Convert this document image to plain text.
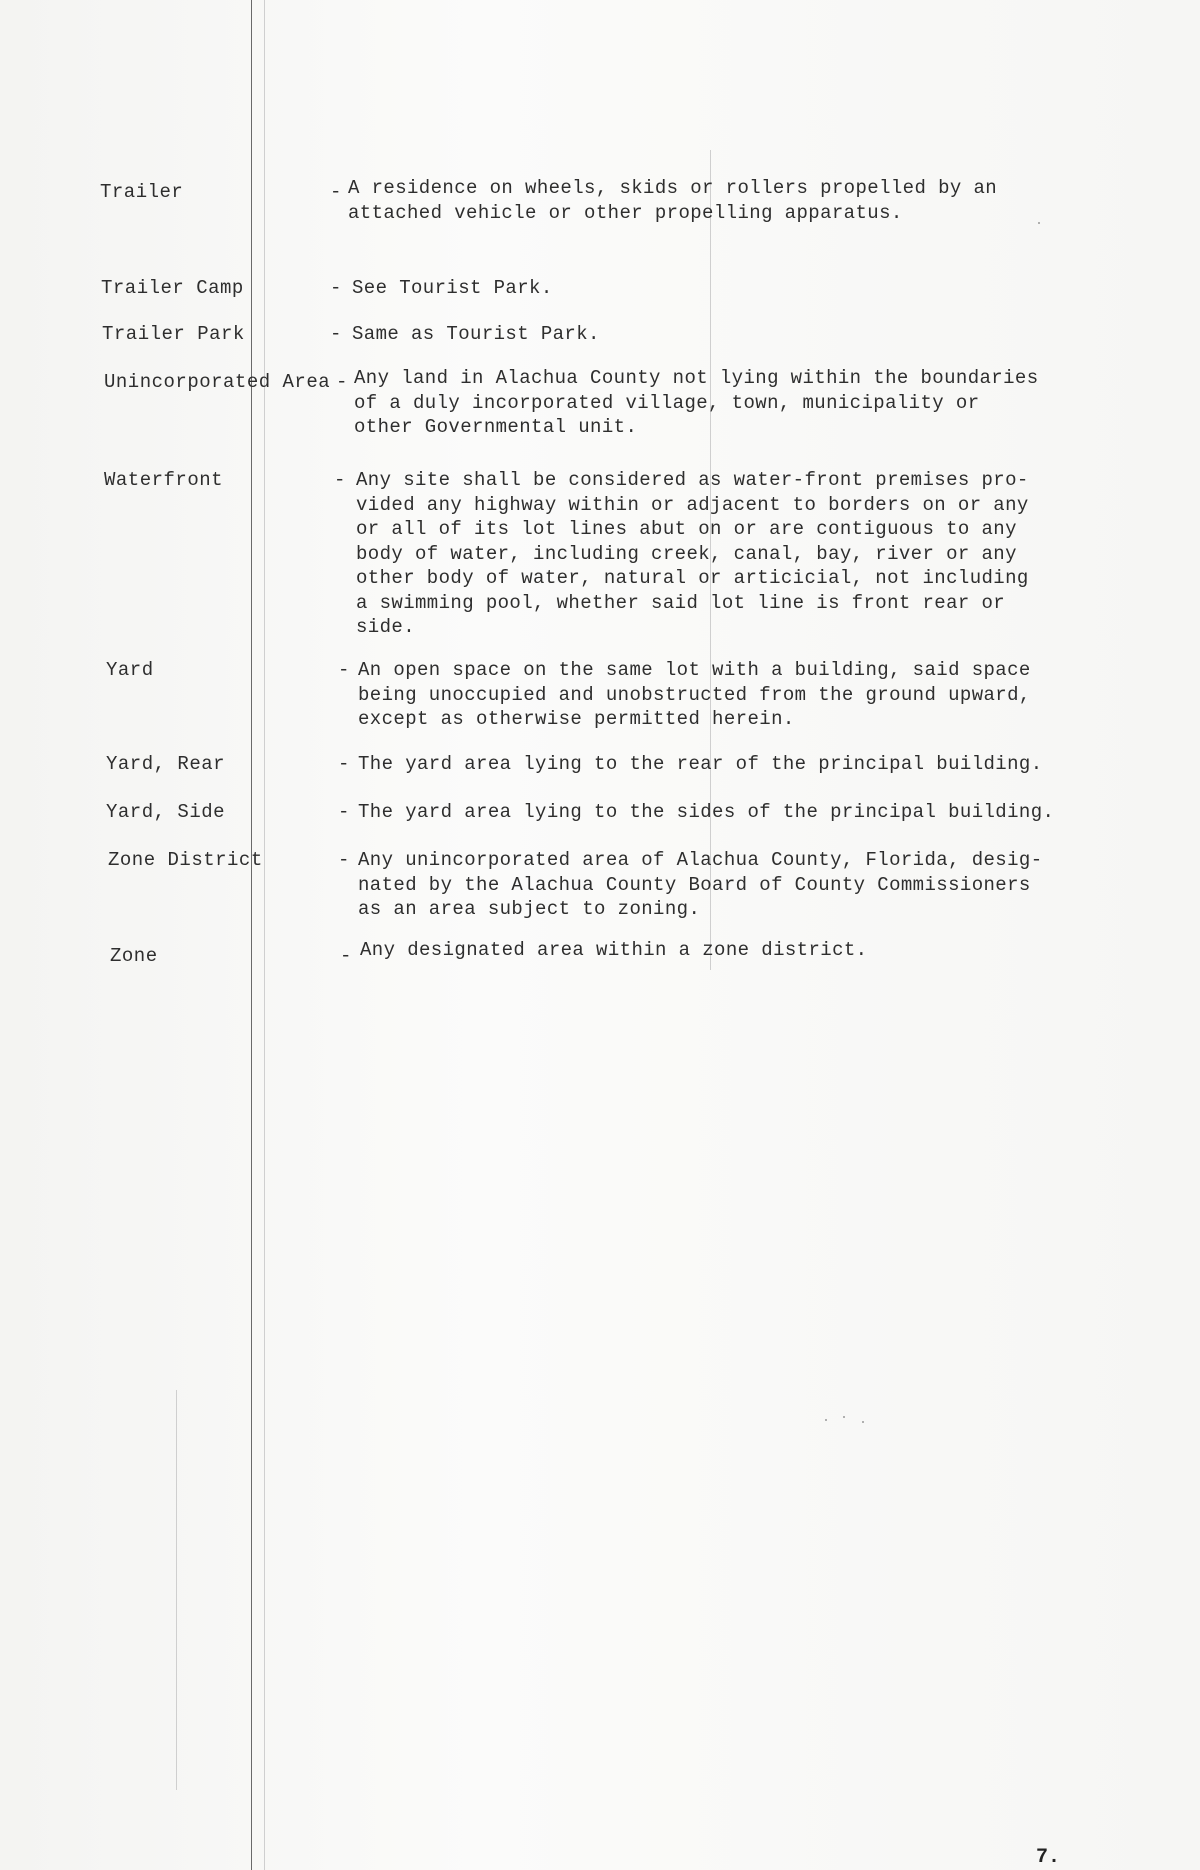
Trailer	- A residence on wheels, skids or rollers propelled by an
attached vehicle or other propelling apparatus.
Trailer Camp	- See Tourist Park.
Trailer Park	- Same as Tourist Park.
Unincorporated Area - Any land in Alachua County not lying within the boundaries
of a duly incorporated village, town, municipality or
other Governmental unit.
Waterfront	- Any site shall be considered as water-front premises pro-
vided any highway within or adjacent to borders on or any
or all of its lot lines abut on or are contiguous to any
body of water, including creek, canal, bay, river or any
other body of water, natural or articicial, not including
a swimming pool, whether said lot line is front rear or
side.
Yard	- An open space on the same lot with a building, said space
being unoccupied and unobstructed from the ground upward,
except as otherwise permitted herein.
Yard, Rear	- The yard area lying to the rear of the principal building.
Yard, Side	- The yard area lying to the sides of the principal building.
Zone District	- Any unincorporated area of Alachua County, Florida, desig-
nated by the Alachua County Board of County Commissioners
as an area subject to zoning.
Zone	- Any designated area within a zone district.
7.
